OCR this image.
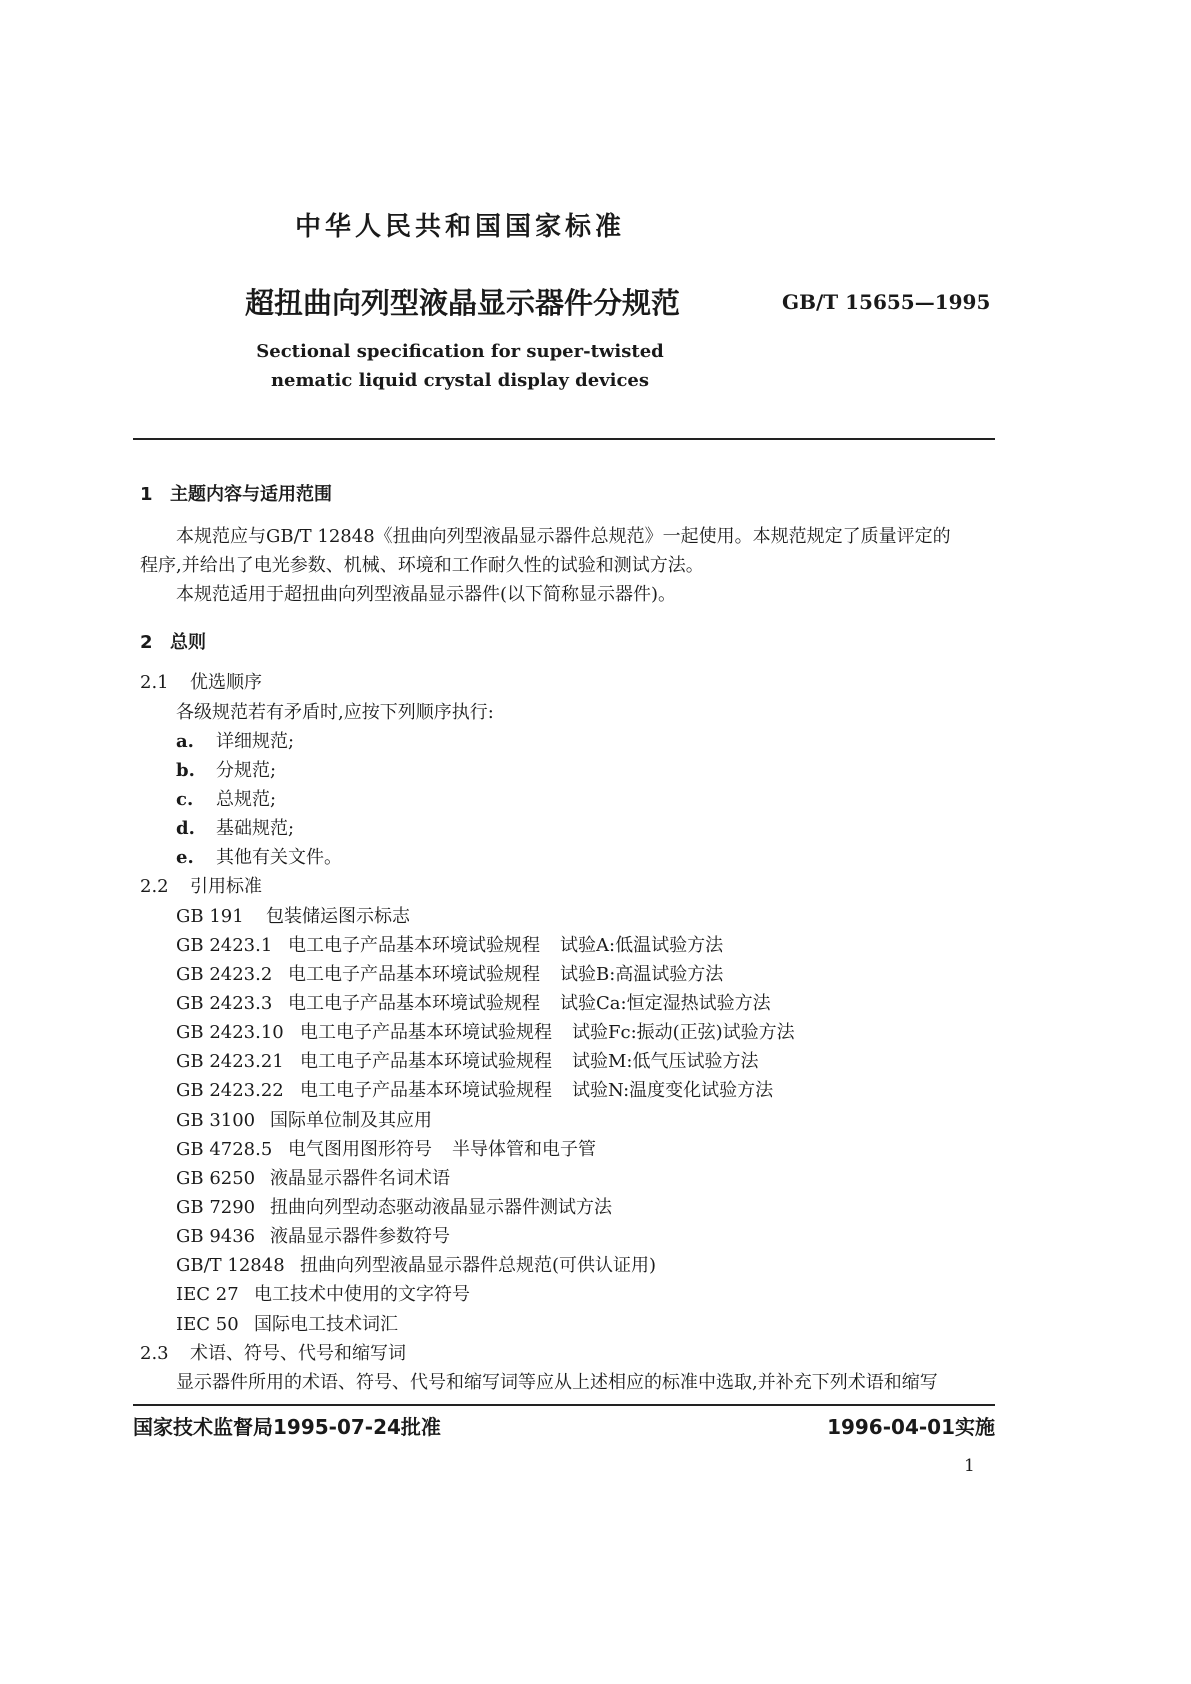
中华人民共和国国家标准
超扭曲向列型液晶显示器件分规范	GB/T 15655—1995
Sectional specification for super-twisted
nematic liquid crystal display devices
1 主题内容与适用范围
本规范应与GB/T 12848《扭曲向列型液晶显示器件总规范》一起使用。本规范规定了质量评定的
程序,并给出了电光参数、机械、环境和工作耐久性的试验和测试方法。
本规范适用于超扭曲向列型液晶显示器件(以下简称显示器件)。
2 总则
2.1 优选顺序
各级规范若有矛盾时,应按下列顺序执行:
a. 详细规范;
b. 分规范;
c. 总规范;
d. 基础规范;
e. 其他有关文件。
2.2 引用标准
GB 191 包装储运图示标志
GB 2423.1 电工电子产品基本环境试验规程 试验A:低温试验方法
GB 2423.2 电工电子产品基本环境试验规程 试验B:高温试验方法
GB 2423.3 电工电子产品基本环境试验规程 试验Ca:恒定湿热试验方法
GB 2423.10 电工电子产品基本环境试验规程 试验Fc:振动(正弦)试验方法
GB 2423.21 电工电子产品基本环境试验规程 试验M:低气压试验方法
GB 2423.22 电工电子产品基本环境试验规程 试验N:温度变化试验方法
GB 3100 国际单位制及其应用
GB 4728.5 电气图用图形符号 半导体管和电子管
GB 6250 液晶显示器件名词术语
GB 7290 扭曲向列型动态驱动液晶显示器件测试方法
GB 9436 液晶显示器件参数符号
GB/T 12848 扭曲向列型液晶显示器件总规范(可供认证用)
IEC 27 电工技术中使用的文字符号
IEC 50 国际电工技术词汇
2.3 术语、符号、代号和缩写词
显示器件所用的术语、符号、代号和缩写词等应从上述相应的标准中选取,并补充下列术语和缩写
国家技术监督局1995-07-24批准	1996-04-01实施
1
